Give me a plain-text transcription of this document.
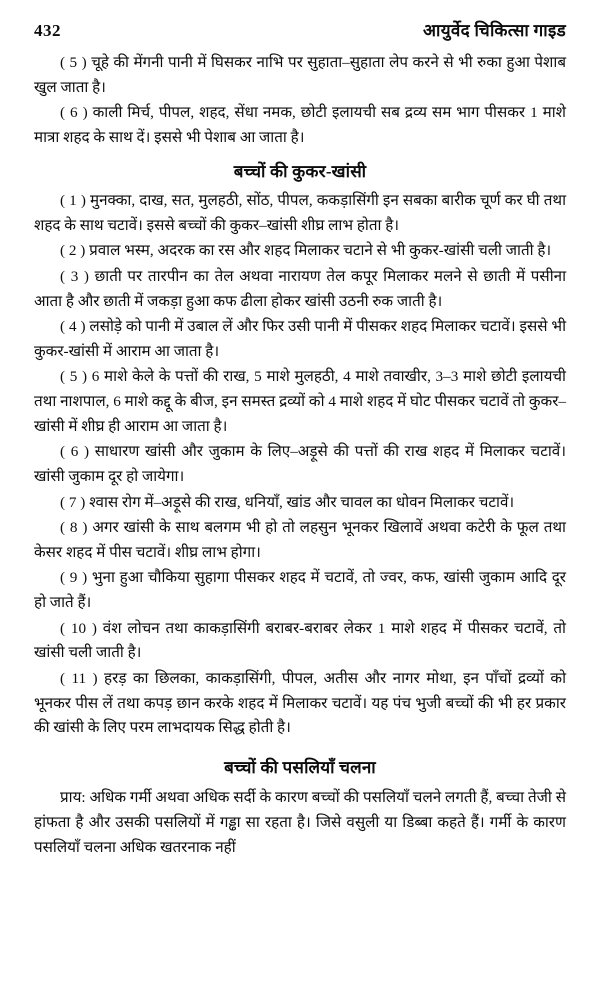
432	आयुर्वेद चिकित्सा गाइड

( 5 ) चूहे की मेंगनी पानी में घिसकर नाभि पर सुहाता–सुहाता लेप करने से भी रुका हुआ पेशाब खुल जाता है।

( 6 ) काली मिर्च, पीपल, शहद, सेंधा नमक, छोटी इलायची सब द्रव्य सम भाग पीसकर 1 माशे मात्रा शहद के साथ दें। इससे भी पेशाब आ जाता है।

बच्चों की कुकर-खांसी

( 1 ) मुनक्का, दाख, सत, मुलहठी, सोंठ, पीपल, ककड़ासिंगी इन सबका बारीक चूर्ण कर घी तथा शहद के साथ चटावें। इससे बच्चों की कुकर–खांसी शीघ्र लाभ होता है।

( 2 ) प्रवाल भस्म, अदरक का रस और शहद मिलाकर चटाने से भी कुकर-खांसी चली जाती है।

( 3 ) छाती पर तारपीन का तेल अथवा नारायण तेल कपूर मिलाकर मलने से छाती में पसीना आता है और छाती में जकड़ा हुआ कफ ढीला होकर खांसी उठनी रुक जाती है।

( 4 ) लसोड़े को पानी में उबाल लें और फिर उसी पानी में पीसकर शहद मिलाकर चटावें। इससे भी कुकर-खांसी में आराम आ जाता है।

( 5 ) 6 माशे केले के पत्तों की राख, 5 माशे मुलहठी, 4 माशे तवाखीर, 3–3 माशे छोटी इलायची तथा नाशपाल, 6 माशे कद्दू के बीज, इन समस्त द्रव्यों को 4 माशे शहद में घोट पीसकर चटावें तो कुकर–खांसी में शीघ्र ही आराम आ जाता है।

( 6 ) साधारण खांसी और जुकाम के लिए–अड़ूसे की पत्तों की राख शहद में मिलाकर चटावें। खांसी जुकाम दूर हो जायेगा।

( 7 ) श्वास रोग में–अड़ूसे की राख, धनियाँ, खांड और चावल का धोवन मिलाकर चटावें।

( 8 ) अगर खांसी के साथ बलगम भी हो तो लहसुन भूनकर खिलावें अथवा कटेरी के फूल तथा केसर शहद में पीस चटावें। शीघ्र लाभ होगा।

( 9 ) भुना हुआ चौकिया सुहागा पीसकर शहद में चटावें, तो ज्वर, कफ, खांसी जुकाम आदि दूर हो जाते हैं।

( 10 ) वंश लोचन तथा काकड़ासिंगी बराबर-बराबर लेकर 1 माशे शहद में पीसकर चटावें, तो खांसी चली जाती है।

( 11 ) हरड़ का छिलका, काकड़ासिंगी, पीपल, अतीस और नागर मोथा, इन पाँचों द्रव्यों को भूनकर पीस लें तथा कपड़ छान करके शहद में मिलाकर चटावें। यह पंच भुजी बच्चों की भी हर प्रकार की खांसी के लिए परम लाभदायक सिद्ध होती है।

बच्चों की पसलियाँ चलना

प्राय: अधिक गर्मी अथवा अधिक सर्दी के कारण बच्चों की पसलियाँ चलने लगती हैं, बच्चा तेजी से हांफता है और उसकी पसलियों में गड्ढा सा रहता है। जिसे वसुली या डिब्बा कहते हैं। गर्मी के कारण पसलियाँ चलना अधिक खतरनाक नहीं
